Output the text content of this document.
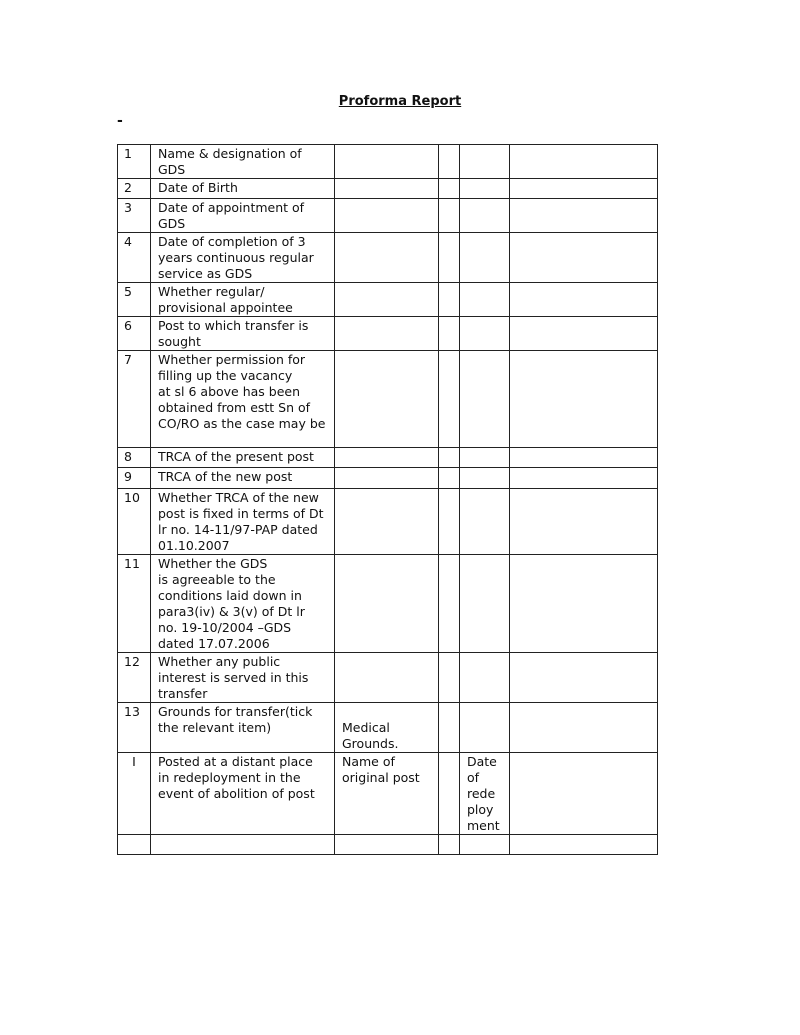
Proforma Report
-
1	Name & designation of GDS				
2	Date of Birth				
3	Date of appointment of GDS				
4	Date of completion of 3 years continuous regular service as GDS				
5	Whether regular/
provisional appointee				
6	Post to which transfer is sought				
7	Whether permission for filling up the vacancy
at sl 6 above has been obtained from estt Sn of CO/RO as the case may be				
8	TRCA of the present post				
9	TRCA of the new post				
10	Whether TRCA of the new post is fixed in terms of Dt lr no. 14-11/97-PAP dated 01.10.2007				
11	Whether the GDS
is agreeable to the conditions laid down in para3(iv) & 3(v) of Dt lr no. 19-10/2004 –GDS dated 17.07.2006				
12	Whether any public interest is served in this transfer				
13	Grounds for transfer(tick the relevant item)	Medical Grounds.			
I	Posted at a distant place in redeployment in the event of abolition of post	Name of original post		Date
of
rede
ploy
ment	
